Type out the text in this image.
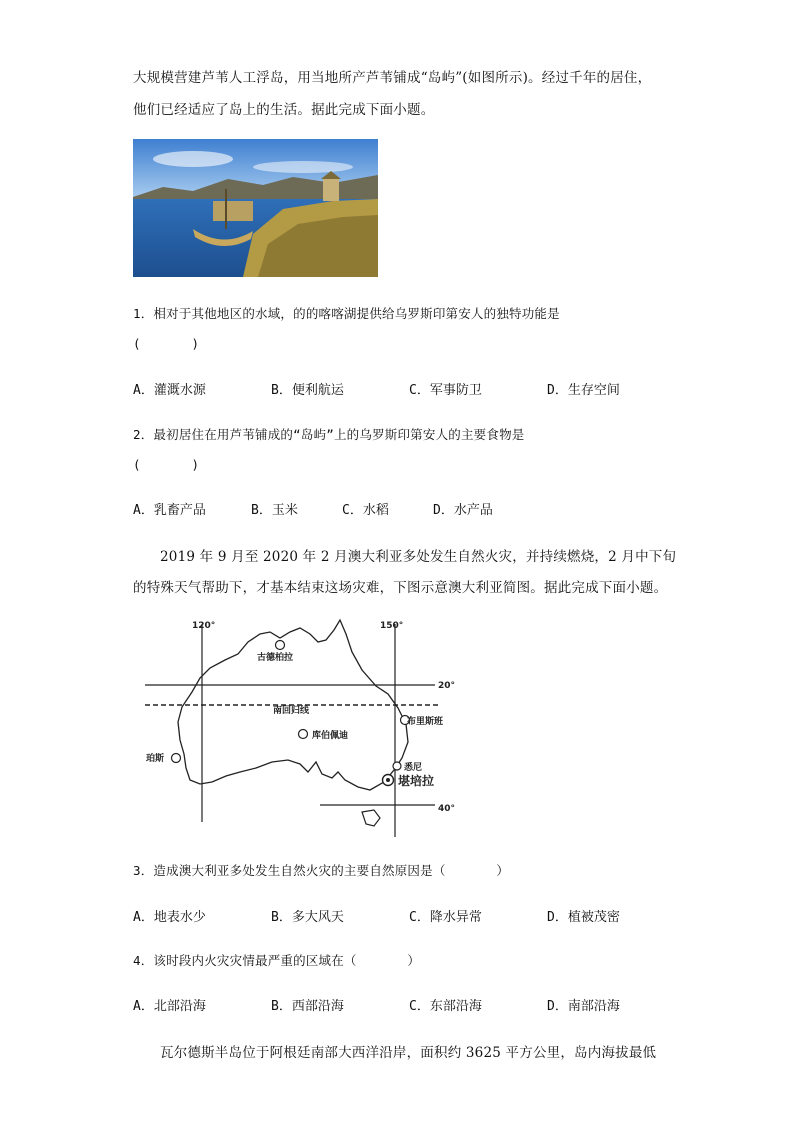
大规模营建芦苇人工浮岛，用当地所产芦苇铺成“岛屿”(如图所示)。经过千年的居住，
他们已经适应了岛上的生活。据此完成下面小题。
1．相对于其他地区的水域，的的喀喀湖提供给乌罗斯印第安人的独特功能是
(　　　　)
A．灌溉水源	B．便利航运	C．军事防卫	D．生存空间
2．最初居住在用芦苇铺成的“岛屿”上的乌罗斯印第安人的主要食物是
(　　　　)
A．乳畜产品	B．玉米	C．水稻	D．水产品
2019 年 9 月至 2020 年 2 月澳大利亚多处发生自然火灾，并持续燃烧，2 月中下旬
的特殊天气帮助下，才基本结束这场灾难，下图示意澳大利亚简图。据此完成下面小题。
120°	150°
20°
40°
南回归线
古德柏拉
布里斯班
库伯佩迪
珀斯
悉尼
堪培拉
3．造成澳大利亚多处发生自然火灾的主要自然原因是（　　　　）
A．地表水少	B．多大风天	C．降水异常	D．植被茂密
4．该时段内火灾灾情最严重的区域在（　　　　）
A．北部沿海	B．西部沿海	C．东部沿海	D．南部沿海
瓦尔德斯半岛位于阿根廷南部大西洋沿岸，面积约 3625 平方公里，岛内海拔最低
